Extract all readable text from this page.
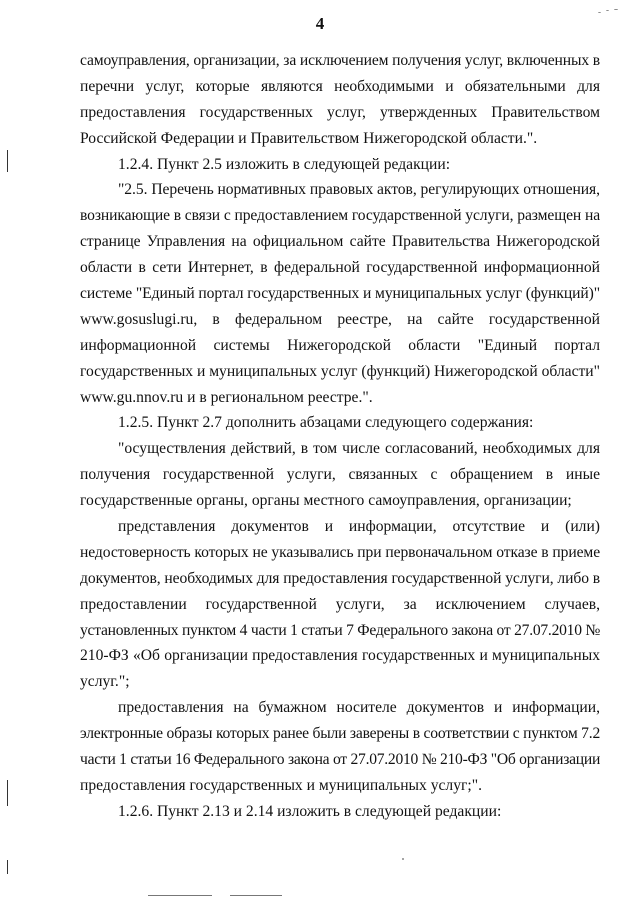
4
самоуправления, организации, за исключением получения услуг, включенных в
перечни услуг, которые являются необходимыми и обязательными для
предоставления государственных услуг, утвержденных Правительством
Российской Федерации и Правительством Нижегородской области.".
1.2.4. Пункт 2.5 изложить в следующей редакции:
"2.5. Перечень нормативных правовых актов, регулирующих отношения,
возникающие в связи с предоставлением государственной услуги, размещен на
странице Управления на официальном сайте Правительства Нижегородской
области в сети Интернет, в федеральной государственной информационной
системе "Единый портал государственных и муниципальных услуг (функций)"
www.gosuslugi.ru, в федеральном реестре, на сайте государственной
информационной системы Нижегородской области "Единый портал
государственных и муниципальных услуг (функций) Нижегородской области"
www.gu.nnov.ru и в региональном реестре.".
1.2.5. Пункт 2.7 дополнить абзацами следующего содержания:
"осуществления действий, в том числе согласований, необходимых для
получения государственной услуги, связанных с обращением в иные
государственные органы, органы местного самоуправления, организации;
представления документов и информации, отсутствие и (или)
недостоверность которых не указывались при первоначальном отказе в приеме
документов, необходимых для предоставления государственной услуги, либо в
предоставлении государственной услуги, за исключением случаев,
установленных пунктом 4 части 1 статьи 7 Федерального закона от 27.07.2010 №
210-ФЗ «Об организации предоставления государственных и муниципальных
услуг.";
предоставления на бумажном носителе документов и информации,
электронные образы которых ранее были заверены в соответствии с пунктом 7.2
части 1 статьи 16 Федерального закона от 27.07.2010 № 210-ФЗ "Об организации
предоставления государственных и муниципальных услуг;".
1.2.6. Пункт 2.13 и 2.14 изложить в следующей редакции:
